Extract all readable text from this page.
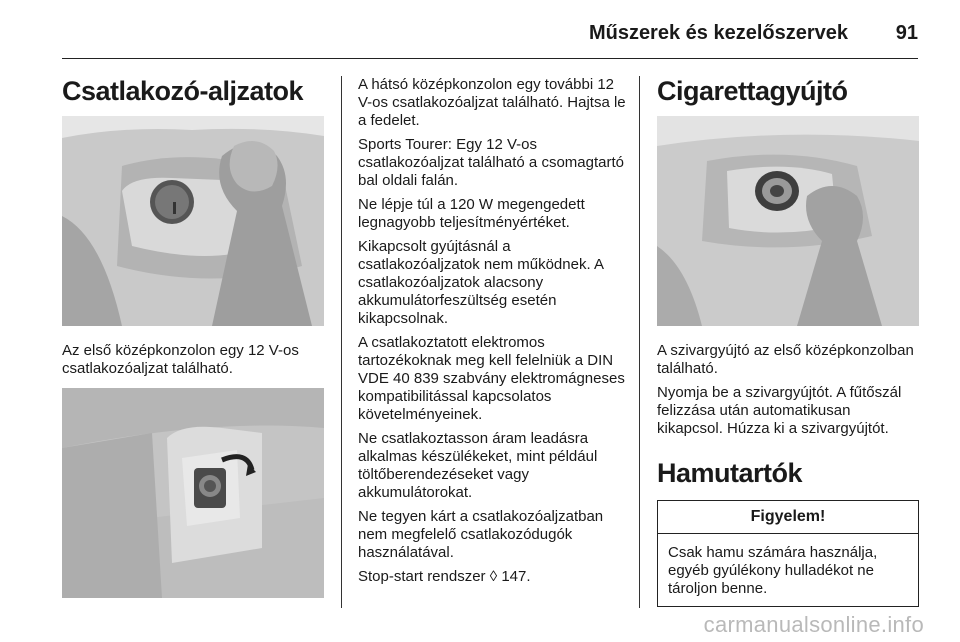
Műszerek és kezelőszervek 91
Csatlakozó-aljzatok

Az első középkonzolon egy 12 V-os csatlakozóaljzat található.

A hátsó középkonzolon egy további 12 V-os csatlakozóaljzat található. Hajtsa le a fedelet.

Sports Tourer: Egy 12 V-os csatlakozóaljzat található a csomagtartó bal oldali falán.

Ne lépje túl a 120 W megengedett legnagyobb teljesítményértéket.

Kikapcsolt gyújtásnál a csatlakozóaljzatok nem működnek. A csatlakozóaljzatok alacsony akkumulátorfeszültség esetén kikapcsolnak.

A csatlakoztatott elektromos tartozékoknak meg kell felelniük a DIN VDE 40 839 szabvány elektromágneses kompatibilitással kapcsolatos követelményeinek.

Ne csatlakoztasson áram leadásra alkalmas készülékeket, mint például töltőberendezéseket vagy akkumulátorokat.

Ne tegyen kárt a csatlakozóaljzatban nem megfelelő csatlakozódugók használatával.

Stop-start rendszer ◊ 147.

Cigarettagyújtó

A szivargyújtó az első középkonzolban található.

Nyomja be a szivargyújtót. A fűtőszál felizzása után automatikusan kikapcsol. Húzza ki a szivargyújtót.

Hamutartók
Figyelem!
Csak hamu számára használja, egyéb gyúlékony hulladékot ne tároljon benne.
carmanualsonline.info
